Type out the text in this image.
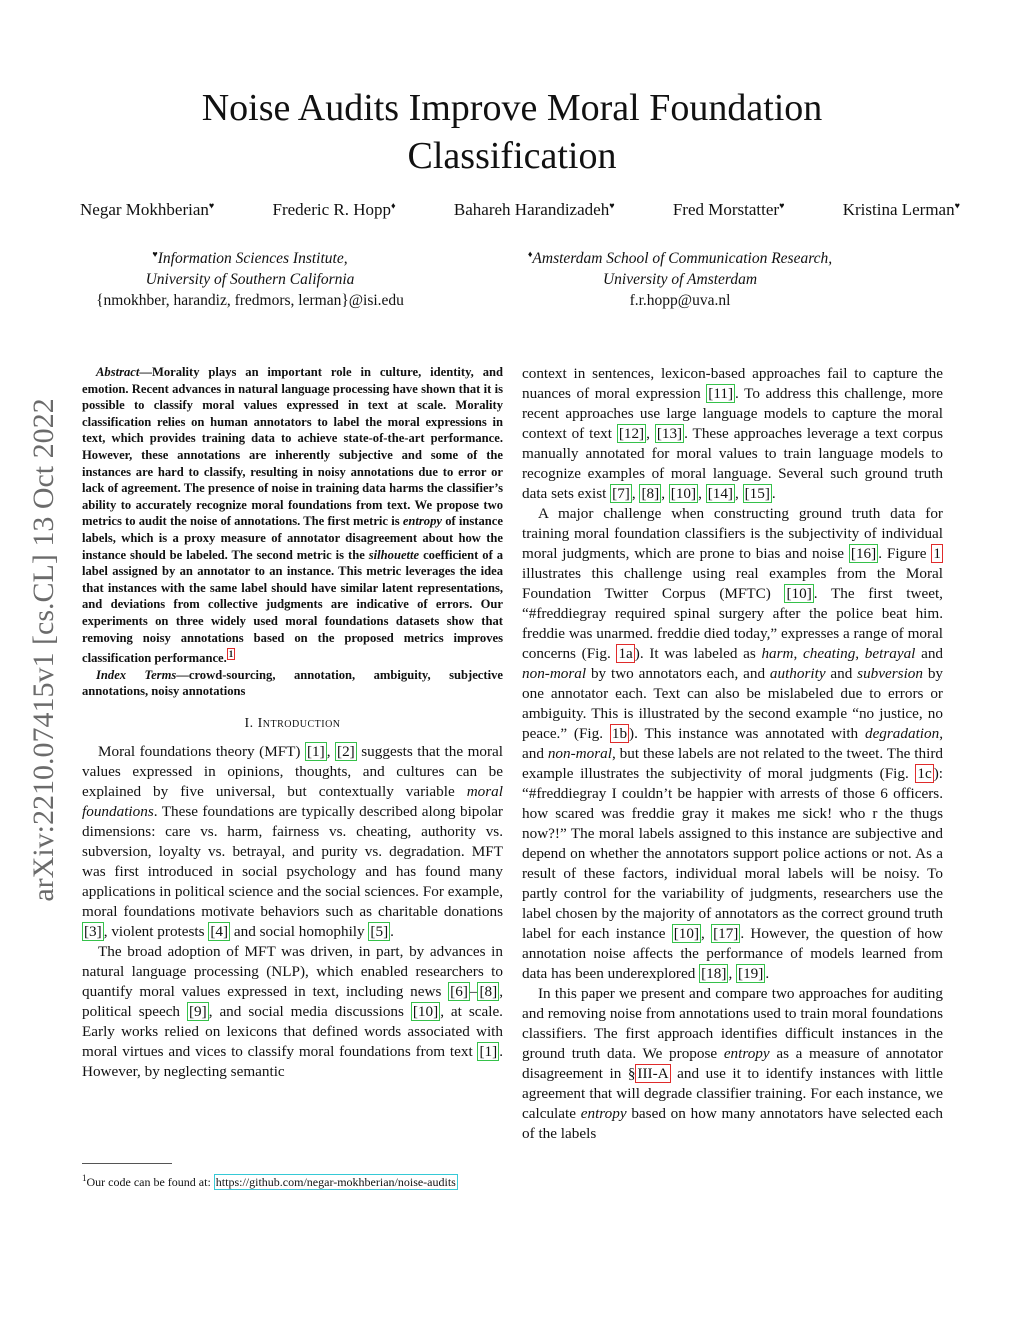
arXiv:2210.07415v1 [cs.CL] 13 Oct 2022
Noise Audits Improve Moral Foundation
Classification
Negar Mokhberian♥	Frederic R. Hopp♦	Bahareh Harandizadeh♥	Fred Morstatter♥	Kristina Lerman♥
♥Information Sciences Institute,
University of Southern California
{nmokhber, harandiz, fredmors, lerman}@isi.edu
♦Amsterdam School of Communication Research,
University of Amsterdam
f.r.hopp@uva.nl

Abstract—Morality plays an important role in culture, identity, and emotion. Recent advances in natural language processing have shown that it is possible to classify moral values expressed in text at scale. Morality classification relies on human annotators to label the moral expressions in text, which provides training data to achieve state-of-the-art performance. However, these annotations are inherently subjective and some of the instances are hard to classify, resulting in noisy annotations due to error or lack of agreement. The presence of noise in training data harms the classifier’s ability to accurately recognize moral foundations from text. We propose two metrics to audit the noise of annotations. The first metric is entropy of instance labels, which is a proxy measure of annotator disagreement about how the instance should be labeled. The second metric is the silhouette coefficient of a label assigned by an annotator to an instance. This metric leverages the idea that instances with the same label should have similar latent representations, and deviations from collective judgments are indicative of errors. Our experiments on three widely used moral foundations datasets show that removing noisy annotations based on the proposed metrics improves classification performance. $^1$

Index Terms—crowd-sourcing, annotation, ambiguity, subjective annotations, noisy annotations

I. Introduction

Moral foundations theory (MFT) [1] , [2] suggests that the moral values expressed in opinions, thoughts, and cultures can be explained by five universal, but contextually variable moral foundations. These foundations are typically described along bipolar dimensions: care vs. harm, fairness vs. cheating, authority vs. subversion, loyalty vs. betrayal, and purity vs. degradation. MFT was first introduced in social psychology and has found many applications in political science and the social sciences. For example, moral foundations motivate behaviors such as charitable donations [3] , violent protests [4] and social homophily [5] .

The broad adoption of MFT was driven, in part, by advances in natural language processing (NLP), which enabled researchers to quantify moral values expressed in text, including news [6] – [8] , political speech [9] , and social media discussions [10] , at scale. Early works relied on lexicons that defined words associated with moral virtues and vices to classify moral foundations from text [1] . However, by neglecting semantic

$^1$Our code can be found at: https://github.com/negar-mokhberian/noise-audits

context in sentences, lexicon-based approaches fail to capture the nuances of moral expression [11] . To address this challenge, more recent approaches use large language models to capture the moral context of text [12] , [13] . These approaches leverage a text corpus manually annotated for moral values to train language models to recognize examples of moral language. Several such ground truth data sets exist [7] , [8] , [10] , [14] , [15] .

A major challenge when constructing ground truth data for training moral foundation classifiers is the subjectivity of individual moral judgments, which are prone to bias and noise [16] . Figure 1 illustrates this challenge using real examples from the Moral Foundation Twitter Corpus (MFTC) [10] . The first tweet, “#freddiegray required spinal surgery after the police beat him. freddie was unarmed. freddie died today,” expresses a range of moral concerns (Fig. 1a ). It was labeled as harm, cheating, betrayal and non-moral by two annotators each, and authority and subversion by one annotator each. Text can also be mislabeled due to errors or ambiguity. This is illustrated by the second example “no justice, no peace.” (Fig. 1b ). This instance was annotated with degradation, and non-moral, but these labels are not related to the tweet. The third example illustrates the subjectivity of moral judgments (Fig. 1c ): “#freddiegray I couldn’t be happier with arrests of those 6 officers. how scared was freddie gray it makes me sick! who r the thugs now?!” The moral labels assigned to this instance are subjective and depend on whether the annotators support police actions or not. As a result of these factors, individual moral labels will be noisy. To partly control for the variability of judgments, researchers use the label chosen by the majority of annotators as the correct ground truth label for each instance [10] , [17] . However, the question of how annotation noise affects the performance of models learned from data has been underexplored [18] , [19] .

In this paper we present and compare two approaches for auditing and removing noise from annotations used to train moral foundations classifiers. The first approach identifies difficult instances in the ground truth data. We propose entropy as a measure of annotator disagreement in § III-A and use it to identify instances with little agreement that will degrade classifier training. For each instance, we calculate entropy based on how many annotators have selected each of the labels
